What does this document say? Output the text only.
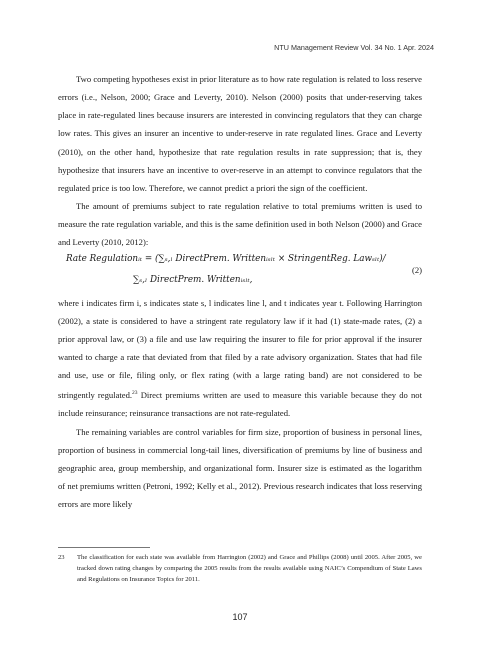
NTU Management Review Vol. 34 No. 1 Apr. 2024

Two competing hypotheses exist in prior literature as to how rate regulation is related to loss reserve errors (i.e., Nelson, 2000; Grace and Leverty, 2010). Nelson (2000) posits that under-reserving takes place in rate-regulated lines because insurers are interested in convincing regulators that they can charge low rates. This gives an insurer an incentive to under-reserve in rate regulated lines. Grace and Leverty (2010), on the other hand, hypothesize that rate regulation results in rate suppression; that is, they hypothesize that insurers have an incentive to over-reserve in an attempt to convince regulators that the regulated price is too low. Therefore, we cannot predict a priori the sign of the coefficient.

The amount of premiums subject to rate regulation relative to total premiums written is used to measure the rate regulation variable, and this is the same definition used in both Nelson (2000) and Grace and Leverty (2010, 2012):

Rate Regulationᵢₜ = (∑ₛ,ₗ DirectPrem. Writtenᵢₛₗₜ × StringentReg. Lawₛₗₜ)/
∑ₛ,ₗ DirectPrem. Writtenᵢₛₗₜ,
(2)

where i indicates firm i, s indicates state s, l indicates line l, and t indicates year t. Following Harrington (2002), a state is considered to have a stringent rate regulatory law if it had (1) state-made rates, (2) a prior approval law, or (3) a file and use law requiring the insurer to file for prior approval if the insurer wanted to charge a rate that deviated from that filed by a rate advisory organization. States that had file and use, use or file, filing only, or flex rating (with a large rating band) are not considered to be stringently regulated.$^{23}$ Direct premiums written are used to measure this variable because they do not include reinsurance; reinsurance transactions are not rate-regulated.

The remaining variables are control variables for firm size, proportion of business in personal lines, proportion of business in commercial long-tail lines, diversification of premiums by line of business and geographic area, group membership, and organizational form. Insurer size is estimated as the logarithm of net premiums written (Petroni, 1992; Kelly et al., 2012). Previous research indicates that loss reserving errors are more likely

23	The classification for each state was available from Harrington (2002) and Grace and Phillips (2008) until 2005. After 2005, we tracked down rating changes by comparing the 2005 results from the results available using NAIC’s Compendium of State Laws and Regulations on Insurance Topics for 2011.
107
